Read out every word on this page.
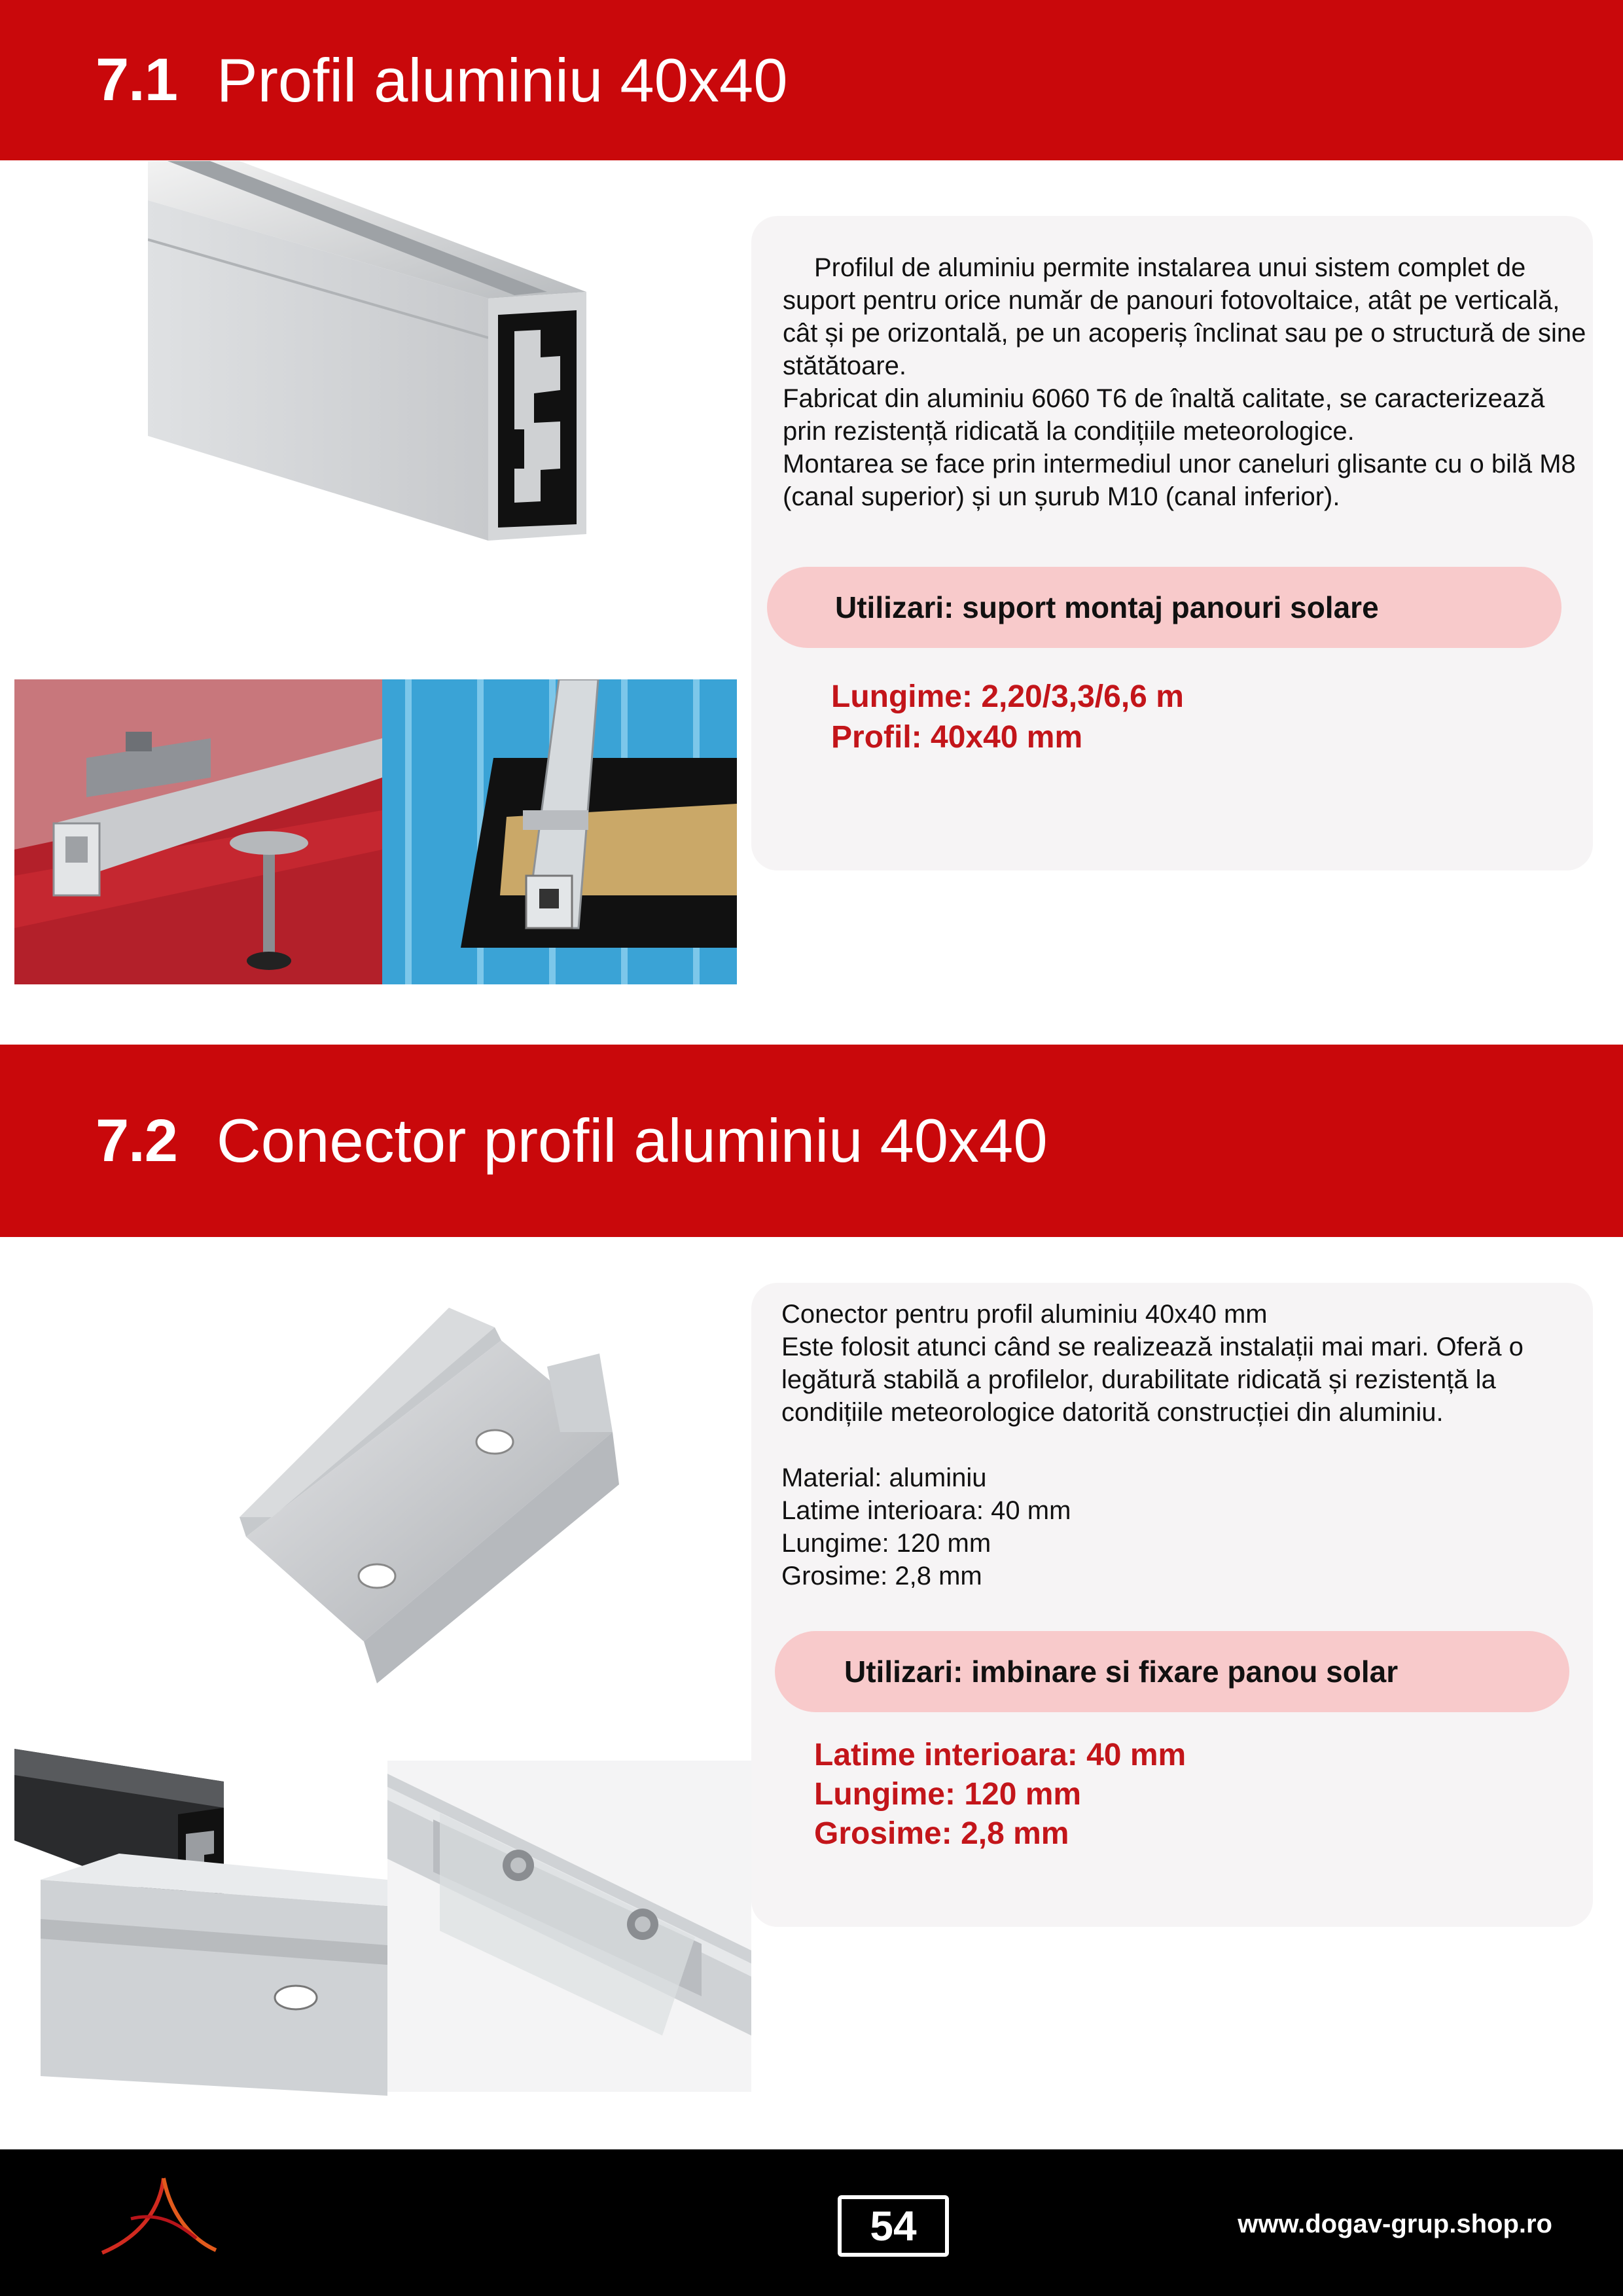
7.1 Profil aluminiu 40x40

Profilul de aluminiu permite instalarea unui sistem complet de suport pentru orice număr de panouri fotovoltaice, atât pe verticală, cât și pe orizontală, pe un acoperiș înclinat sau pe o structură de sine stătătoare.

Fabricat din aluminiu 6060 T6 de înaltă calitate, se caracterizează prin rezistență ridicată la condițiile meteorologice.

Montarea se face prin intermediul unor caneluri glisante cu o bilă M8 (canal superior) și un șurub M10 (canal inferior).

Utilizari: suport montaj panouri solare
Lungime: 2,20/3,3/6,6 m
Profil: 40x40 mm
7.2 Conector profil aluminiu 40x40

Conector pentru profil aluminiu 40x40 mm

Este folosit atunci când se realizează instalații mai mari. Oferă o legătură stabilă a profilelor, durabilitate ridicată și rezistență la condițiile meteorologice datorită construcției din aluminiu.

Material: aluminiu

Latime interioara: 40 mm

Lungime: 120 mm

Grosime: 2,8 mm

Utilizari: imbinare si fixare panou solar
Latime interioara: 40 mm
Lungime: 120 mm
Grosime: 2,8 mm
54	www.dogav-grup.shop.ro
